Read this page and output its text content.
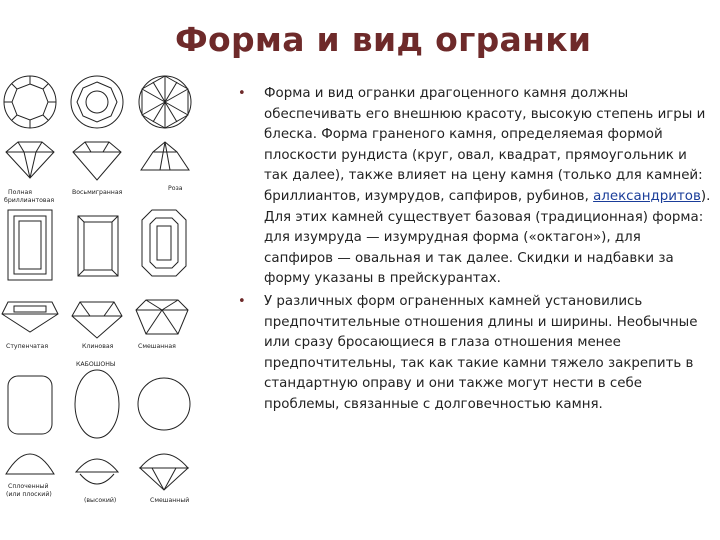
Форма и вид огранки
Полная
бриллиантовая
Восьмигранная
Роза
Ступенчатая	Клиновая	Смешанная
КАБОШОНЫ
Сплоченный
(или плоский)
(высокий)	Смешанный
• Форма и вид огранки драгоценного камня должны обеспечивать его внешнюю красоту, высокую степень игры и блеска. Форма граненого камня, определяемая формой плоскости рундиста (круг, овал, квадрат, прямоугольник и так далее), также влияет на цену камня (только для камней: бриллиантов, изумрудов, сапфиров, рубинов, александритов). Для этих камней существует базовая (традиционная) форма: для изумруда — изумрудная форма («октагон»), для сапфиров — овальная и так далее. Скидки и надбавки за форму указаны в прейскурантах.
• У различных форм ограненных камней установились предпочтительные отношения длины и ширины. Необычные или сразу бросающиеся в глаза отношения менее предпочтительны, так как такие камни тяжело закрепить в стандартную оправу и они также могут нести в себе проблемы, связанные с долговечностью камня.
